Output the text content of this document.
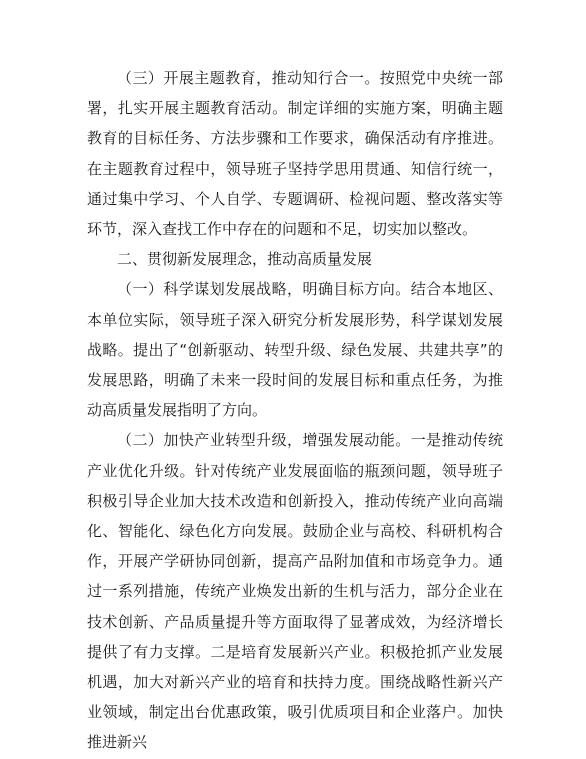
（三）开展主题教育，推动知行合一。按照党中央统一部署，扎实开展主题教育活动。制定详细的实施方案，明确主题教育的目标任务、方法步骤和工作要求，确保活动有序推进。在主题教育过程中，领导班子坚持学思用贯通、知信行统一，通过集中学习、个人自学、专题调研、检视问题、整改落实等环节，深入查找工作中存在的问题和不足，切实加以整改。

二、贯彻新发展理念，推动高质量发展

（一）科学谋划发展战略，明确目标方向。结合本地区、本单位实际，领导班子深入研究分析发展形势，科学谋划发展战略。提出了“创新驱动、转型升级、绿色发展、共建共享”的发展思路，明确了未来一段时间的发展目标和重点任务，为推动高质量发展指明了方向。

（二）加快产业转型升级，增强发展动能。一是推动传统产业优化升级。针对传统产业发展面临的瓶颈问题，领导班子积极引导企业加大技术改造和创新投入，推动传统产业向高端化、智能化、绿色化方向发展。鼓励企业与高校、科研机构合作，开展产学研协同创新，提高产品附加值和市场竞争力。通过一系列措施，传统产业焕发出新的生机与活力，部分企业在技术创新、产品质量提升等方面取得了显著成效，为经济增长提供了有力支撑。二是培育发展新兴产业。积极抢抓产业发展机遇，加大对新兴产业的培育和扶持力度。围绕战略性新兴产业领域，制定出台优惠政策，吸引优质项目和企业落户。加快推进新兴
